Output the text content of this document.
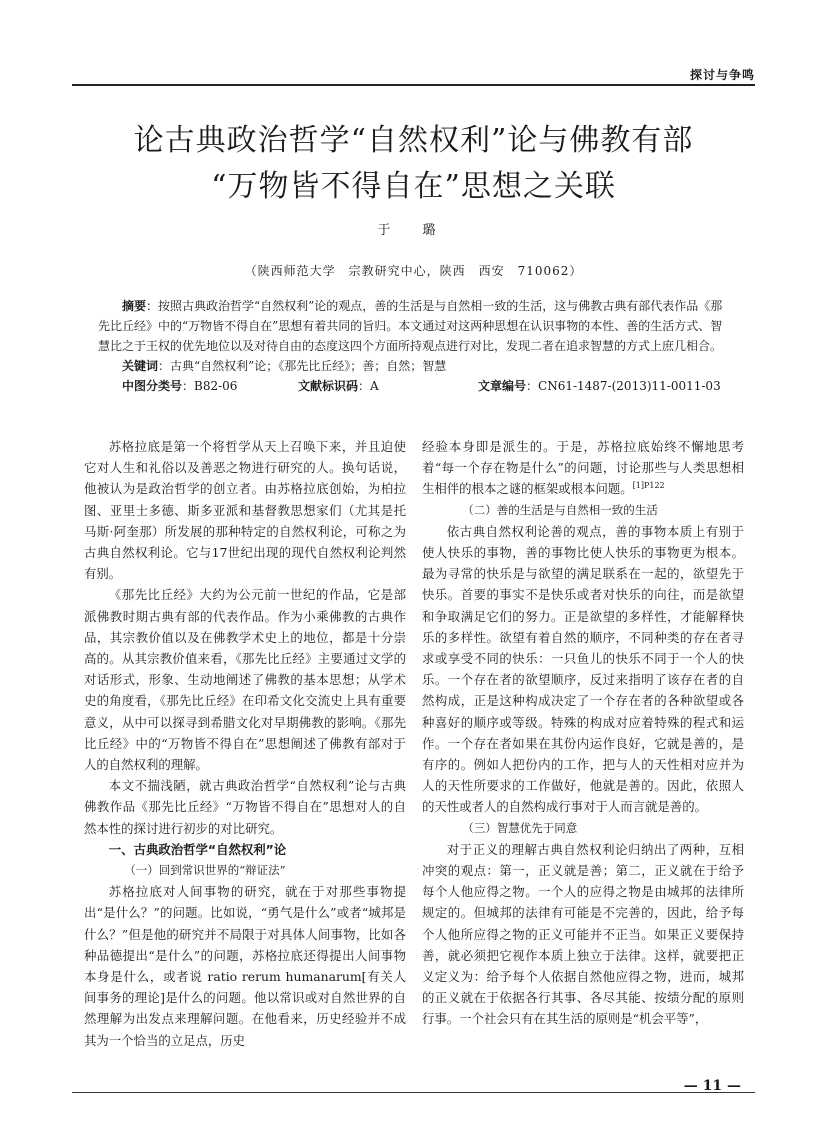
探讨与争鸣
论古典政治哲学“自然权利”论与佛教有部
“万物皆不得自在”思想之关联
于 璐
（陕西师范大学　宗教研究中心，陕西　西安　710062）
摘要：按照古典政治哲学“自然权利”论的观点，善的生活是与自然相一致的生活，这与佛教古典有部代表作品《那先比丘经》中的“万物皆不得自在”思想有着共同的旨归。本文通过对这两种思想在认识事物的本性、善的生活方式、智慧比之于王权的优先地位以及对待自由的态度这四个方面所持观点进行对比，发现二者在追求智慧的方式上庶几相合。
关键词：古典“自然权利”论；《那先比丘经》；善；自然；智慧
中图分类号：B82-06	文献标识码：A	文章编号：CN61-1487-(2013)11-0011-03

苏格拉底是第一个将哲学从天上召唤下来，并且迫使它对人生和礼俗以及善恶之物进行研究的人。换句话说，他被认为是政治哲学的创立者。由苏格拉底创始，为柏拉图、亚里士多德、斯多亚派和基督教思想家们（尤其是托马斯·阿奎那）所发展的那种特定的自然权利论，可称之为古典自然权利论。它与17世纪出现的现代自然权利论判然有别。

《那先比丘经》大约为公元前一世纪的作品，它是部派佛教时期古典有部的代表作品。作为小乘佛教的古典作品，其宗教价值以及在佛教学术史上的地位，都是十分崇高的。从其宗教价值来看，《那先比丘经》主要通过文学的对话形式，形象、生动地阐述了佛教的基本思想；从学术史的角度看，《那先比丘经》在印希文化交流史上具有重要意义，从中可以探寻到希腊文化对早期佛教的影响。《那先比丘经》中的“万物皆不得自在”思想阐述了佛教有部对于人的自然权利的理解。

本文不揣浅陋，就古典政治哲学“自然权利”论与古典佛教作品《那先比丘经》“万物皆不得自在”思想对人的自然本性的探讨进行初步的对比研究。

一、古典政治哲学“自然权利”论
（一）回到常识世界的“辩证法”

苏格拉底对人间事物的研究，就在于对那些事物提出“是什么？”的问题。比如说，“勇气是什么”或者“城邦是什么？”但是他的研究并不局限于对具体人间事物，比如各种品德提出“是什么”的问题，苏格拉底还得提出人间事物本身是什么，或者说 ratio rerum humanarum[有关人间事务的理论]是什么的问题。他以常识或对自然世界的自然理解为出发点来理解问题。在他看来，历史经验并不成其为一个恰当的立足点，历史

经验本身即是派生的。于是，苏格拉底始终不懈地思考着“每一个存在物是什么”的问题，讨论那些与人类思想相生相伴的根本之谜的框架或根本问题。$^{[1]P122}$

（二）善的生活是与自然相一致的生活

依古典自然权利论善的观点，善的事物本质上有别于使人快乐的事物，善的事物比使人快乐的事物更为根本。最为寻常的快乐是与欲望的满足联系在一起的，欲望先于快乐。首要的事实不是快乐或者对快乐的向往，而是欲望和争取满足它们的努力。正是欲望的多样性，才能解释快乐的多样性。欲望有着自然的顺序，不同种类的存在者寻求或享受不同的快乐：一只鱼儿的快乐不同于一个人的快乐。一个存在者的欲望顺序，反过来指明了该存在者的自然构成，正是这种构成决定了一个存在者的各种欲望或各种喜好的顺序或等级。特殊的构成对应着特殊的程式和运作。一个存在者如果在其份内运作良好，它就是善的，是有序的。例如人把份内的工作，把与人的天性相对应并为人的天性所要求的工作做好，他就是善的。因此，依照人的天性或者人的自然构成行事对于人而言就是善的。

（三）智慧优先于同意

对于正义的理解古典自然权利论归纳出了两种，互相冲突的观点：第一，正义就是善；第二，正义就在于给予每个人他应得之物。一个人的应得之物是由城邦的法律所规定的。但城邦的法律有可能是不完善的，因此，给予每个人他所应得之物的正义可能并不正当。如果正义要保持善，就必须把它视作本质上独立于法律。这样，就要把正义定义为：给予每个人依据自然他应得之物，进而，城邦的正义就在于依据各行其事、各尽其能、按绩分配的原则行事。一个社会只有在其生活的原则是“机会平等”，

— 11 —
